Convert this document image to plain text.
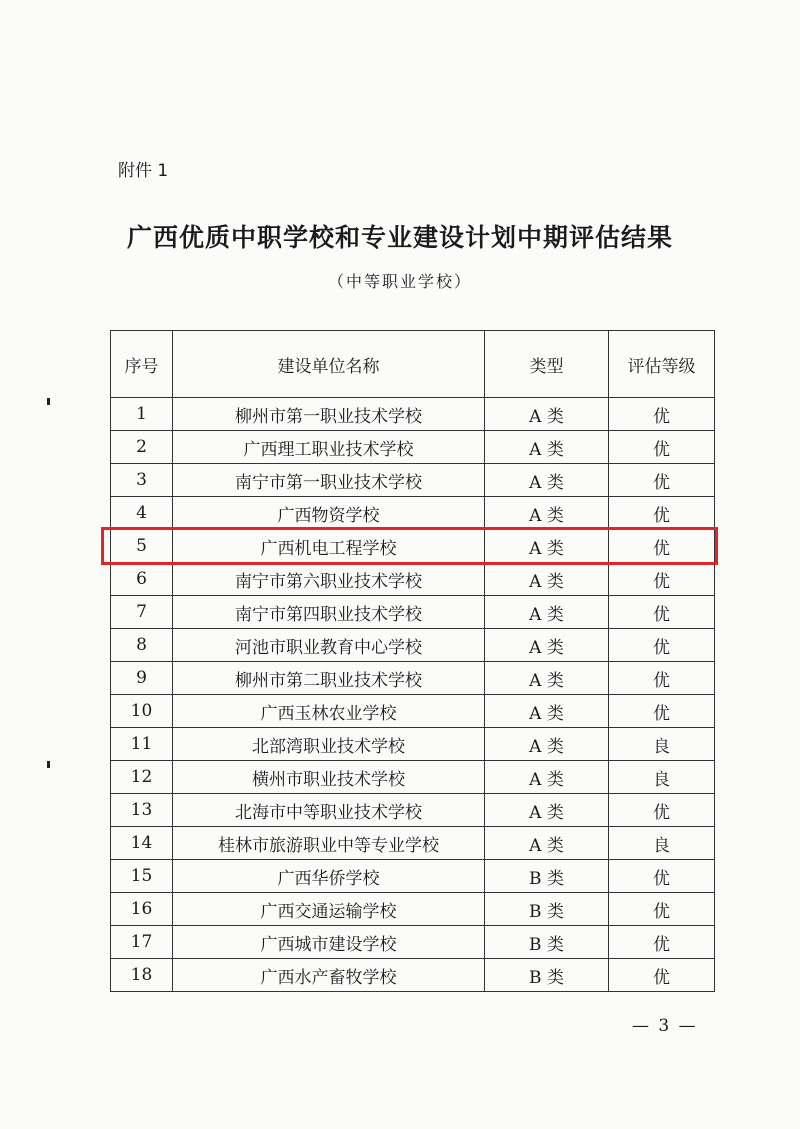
附件 1
广西优质中职学校和专业建设计划中期评估结果
（中等职业学校）
序号	建设单位名称	类型	评估等级
1	柳州市第一职业技术学校	A 类	优
2	广西理工职业技术学校	A 类	优
3	南宁市第一职业技术学校	A 类	优
4	广西物资学校	A 类	优
5	广西机电工程学校	A 类	优
6	南宁市第六职业技术学校	A 类	优
7	南宁市第四职业技术学校	A 类	优
8	河池市职业教育中心学校	A 类	优
9	柳州市第二职业技术学校	A 类	优
10	广西玉林农业学校	A 类	优
11	北部湾职业技术学校	A 类	良
12	横州市职业技术学校	A 类	良
13	北海市中等职业技术学校	A 类	优
14	桂林市旅游职业中等专业学校	A 类	良
15	广西华侨学校	B 类	优
16	广西交通运输学校	B 类	优
17	广西城市建设学校	B 类	优
18	广西水产畜牧学校	B 类	优
— 3 —
